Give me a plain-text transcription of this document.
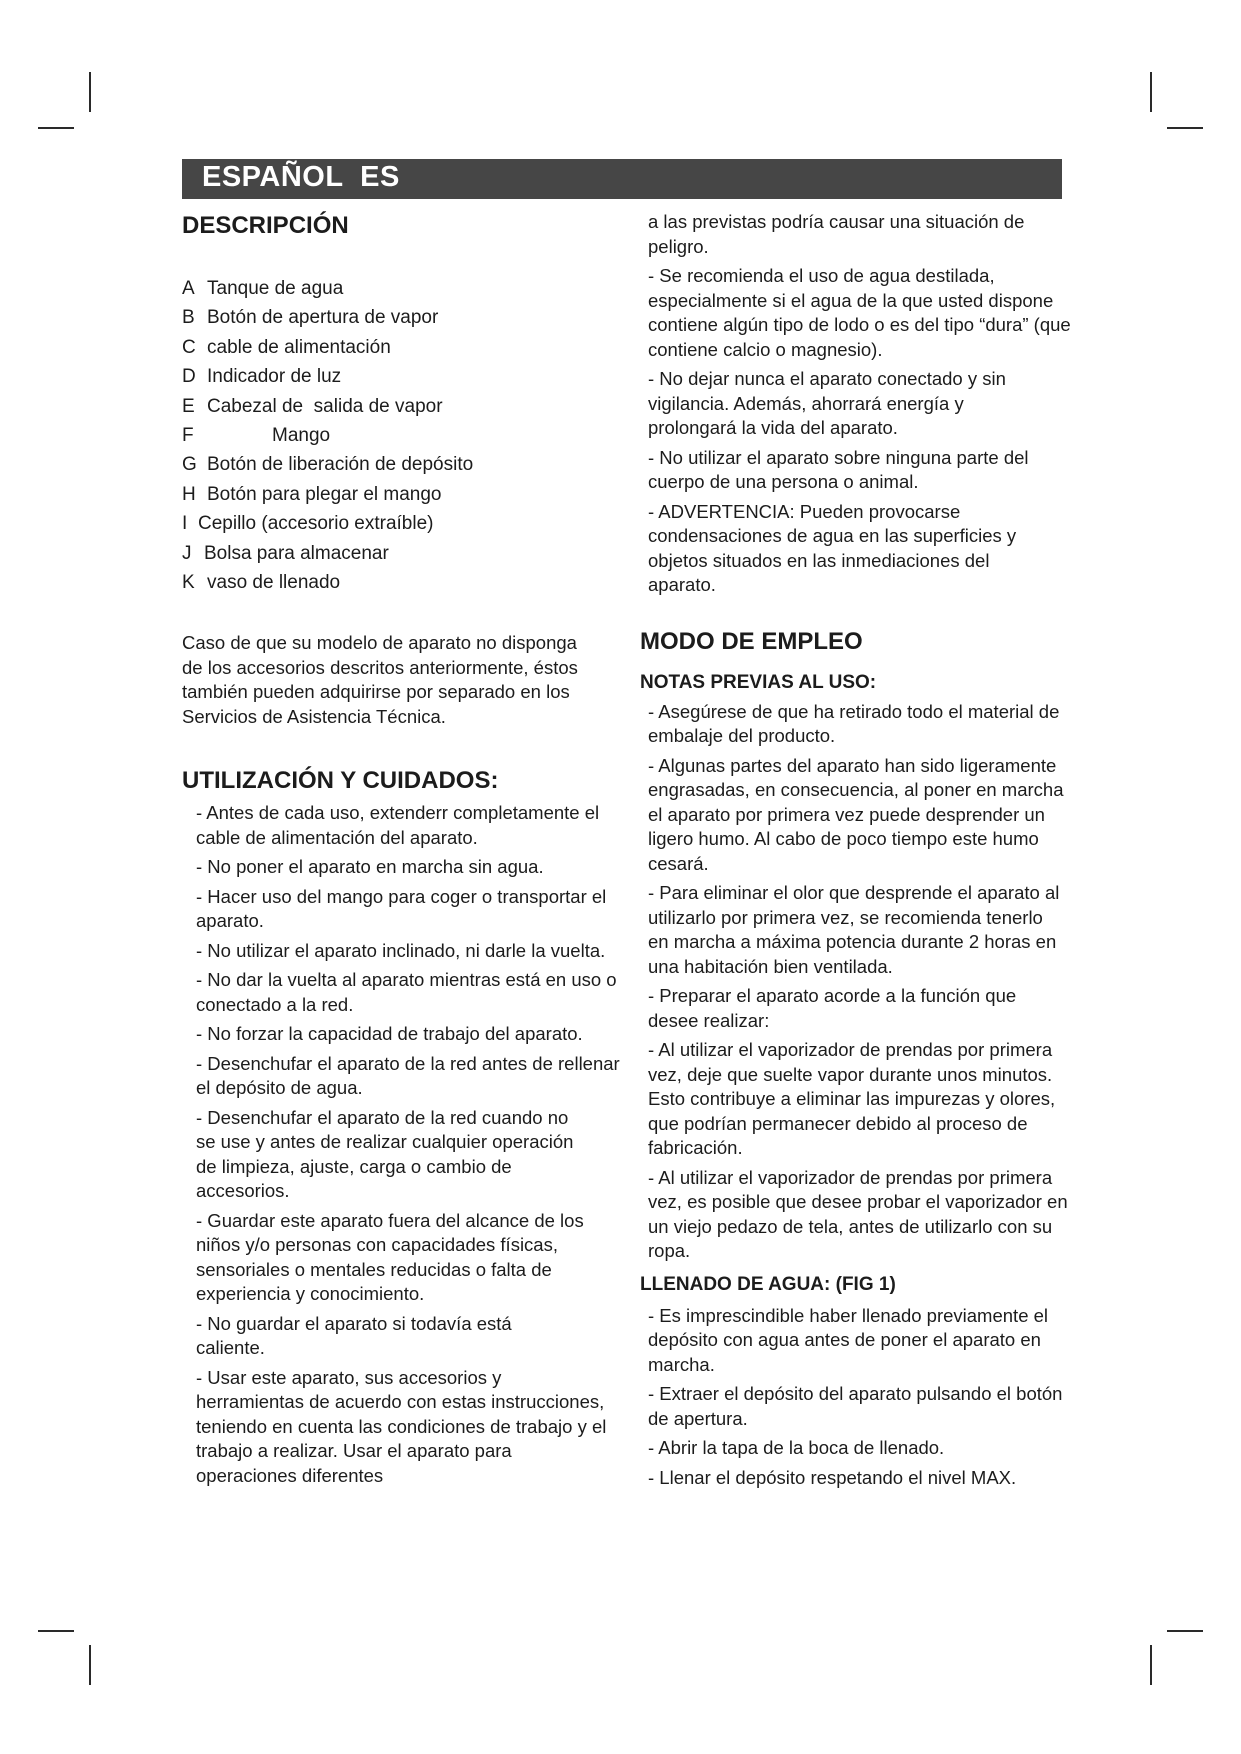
ESPAÑOL  ES
DESCRIPCIÓN
A Tanque de agua
B Botón de apertura de vapor
C cable de alimentación
D Indicador de luz
E Cabezal de  salida de vapor
F	Mango
G Botón de liberación de depósito
H Botón para plegar el mango
I Cepillo (accesorio extraíble)
J Bolsa para almacenar
K vaso de llenado
Caso de que su modelo de aparato no disponga de los accesorios descritos anteriormente, éstos también pueden adquirirse por separado en los Servicios de Asistencia Técnica.
UTILIZACIÓN Y CUIDADOS:
- Antes de cada uso, extenderr completamente el cable de alimentación del aparato.
- No poner el aparato en marcha sin agua.
- Hacer uso del mango para coger o transportar el aparato.
- No utilizar el aparato inclinado, ni darle la vuelta.
- No dar la vuelta al aparato mientras está en uso o conectado a la red.
- No forzar la capacidad de trabajo del aparato.
- Desenchufar el aparato de la red antes de rellenar el depósito de agua.
- Desenchufar el aparato de la red cuando no se use y antes de realizar cualquier operación de limpieza, ajuste, carga o cambio de accesorios.
- Guardar este aparato fuera del alcance de los niños y/o personas con capacidades físicas, sensoriales o mentales reducidas o falta de experiencia y conocimiento.
- No guardar el aparato si todavía está caliente.
- Usar este aparato, sus accesorios y herramientas de acuerdo con estas instrucciones, teniendo en cuenta las condiciones de trabajo y el trabajo a realizar. Usar el aparato para operaciones diferentes
a las previstas podría causar una situación de peligro.
- Se recomienda el uso de agua destilada, especialmente si el agua de la que usted dispone contiene algún tipo de lodo o es del tipo “dura” (que contiene calcio o magnesio).
- No dejar nunca el aparato conectado y sin vigilancia. Además, ahorrará energía y prolongará la vida del aparato.
- No utilizar el aparato sobre ninguna parte del cuerpo de una persona o animal.
- ADVERTENCIA: Pueden provocarse condensaciones de agua en las superficies y objetos situados en las inmediaciones del aparato.
MODO DE EMPLEO
NOTAS PREVIAS AL USO:
- Asegúrese de que ha retirado todo el material de embalaje del producto.
- Algunas partes del aparato han sido ligeramente engrasadas, en consecuencia, al poner en marcha el aparato por primera vez puede desprender un ligero humo. Al cabo de poco tiempo este humo cesará.
- Para eliminar el olor que desprende el aparato al utilizarlo por primera vez, se recomienda tenerlo en marcha a máxima potencia durante 2 horas en una habitación bien ventilada.
- Preparar el aparato acorde a la función que desee realizar:
- Al utilizar el vaporizador de prendas por primera vez, deje que suelte vapor durante unos minutos. Esto contribuye a eliminar las impurezas y olores, que podrían permanecer debido al proceso de fabricación.
- Al utilizar el vaporizador de prendas por primera vez, es posible que desee probar el vaporizador en un viejo pedazo de tela, antes de utilizarlo con su ropa.
LLENADO DE AGUA: (FIG 1)
- Es imprescindible haber llenado previamente el depósito con agua antes de poner el aparato en marcha.
- Extraer el depósito del aparato pulsando el botón de apertura.
- Abrir la tapa de la boca de llenado.
- Llenar el depósito respetando el nivel MAX.
